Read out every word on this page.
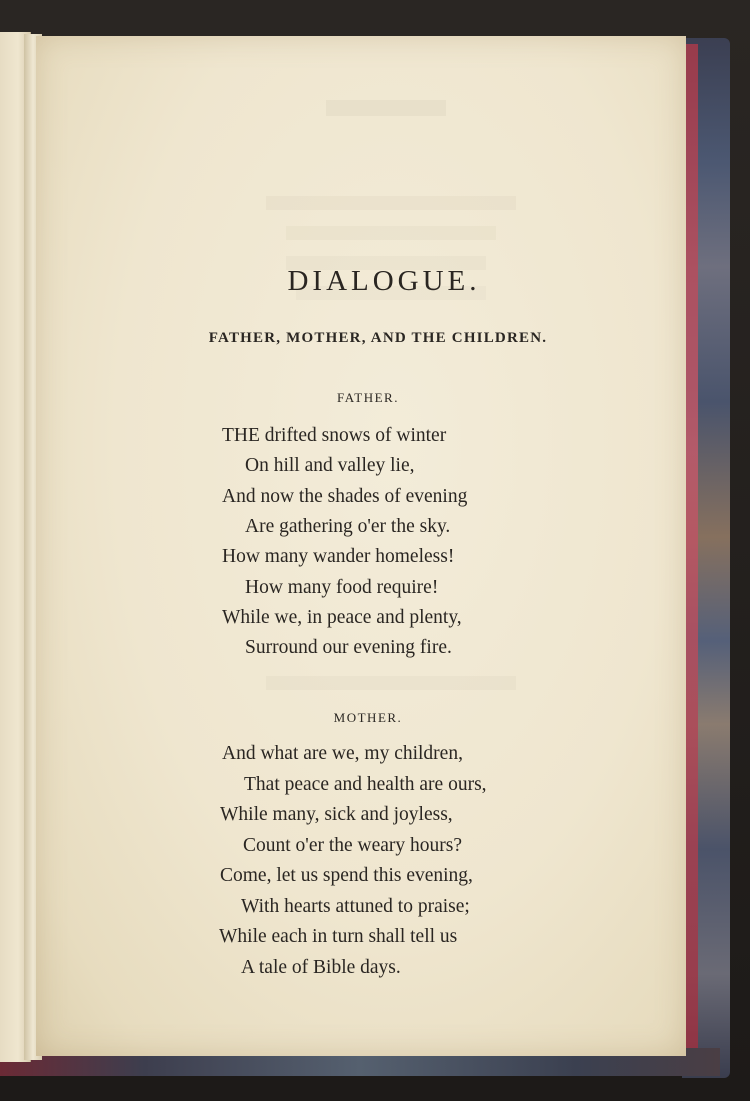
DIALOGUE.
FATHER, MOTHER, AND THE CHILDREN.
FATHER.
THE drifted snows of winter
On hill and valley lie,
And now the shades of evening
Are gathering o'er the sky.
How many wander homeless!
How many food require!
While we, in peace and plenty,
Surround our evening fire.
MOTHER.
And what are we, my children,
That peace and health are ours,
While many, sick and joyless,
Count o'er the weary hours?
Come, let us spend this evening,
With hearts attuned to praise;
While each in turn shall tell us
A tale of Bible days.
